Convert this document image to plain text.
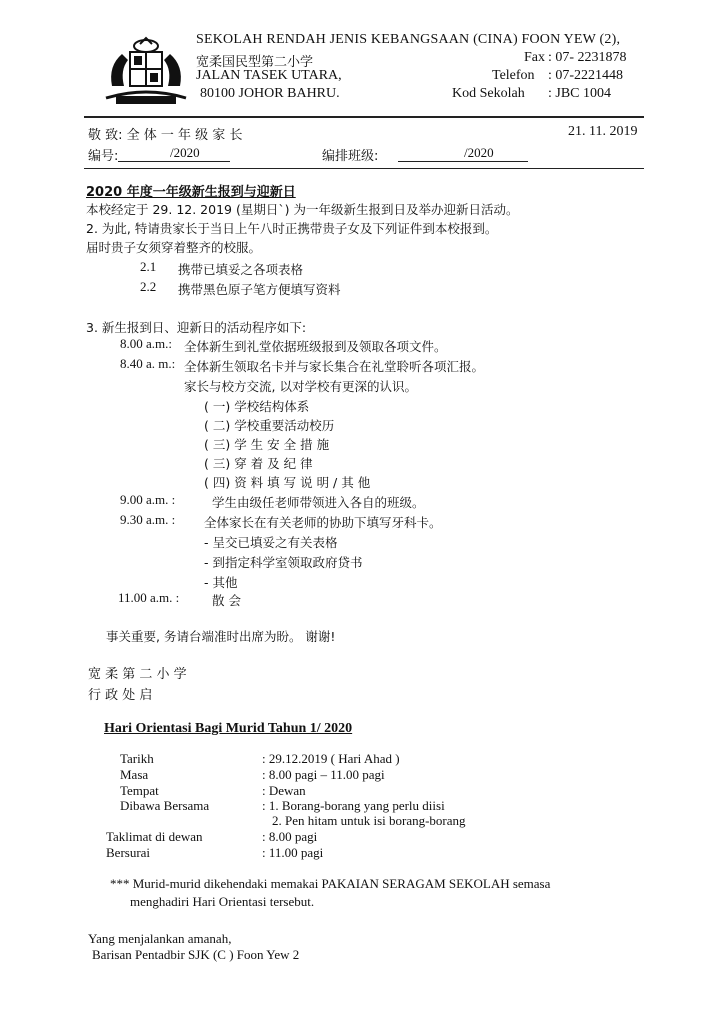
SEKOLAH RENDAH JENIS KEBANGSAAN (CINA) FOON YEW (2),
宽柔国民型第二小学
JALAN TASEK UTARA,
80100 JOHOR BAHRU.
Fax : 07- 2231878
Telefon : 07-2221448
Kod Sekolah : JBC 1004
敬 致: 全 体 一 年 级 家 长	21. 11. 2019
编号:	/2020	编排班级:	/2020
2020 年度一年级新生报到与迎新日
本校经定于 29. 12. 2019 (星期日`) 为一年级新生报到日及举办迎新日活动。
2. 为此, 特请贵家长于当日上午八时正携带贵子女及下列证件到本校报到。
届时贵子女须穿着整齐的校服。
2.1 携带已填妥之各项表格
2.2 携带黑色原子笔方便填写资料
3. 新生报到日、迎新日的活动程序如下:
8.00 a.m.: 全体新生到礼堂依据班级报到及领取各项文件。
8.40 a. m.: 全体新生领取名卡并与家长集合在礼堂聆听各项汇报。
家长与校方交流, 以对学校有更深的认识。
( 一) 学校结构体系
( 二) 学校重要活动校历
( 三) 学 生 安 全 措 施
( 三) 穿 着 及 纪 律
( 四) 资 料 填 写 说 明 / 其 他
9.00 a.m. :	学生由级任老师带领进入各自的班级。
9.30 a.m. : 全体家长在有关老师的协助下填写牙科卡。
- 呈交已填妥之有关表格
- 到指定科学室领取政府贷书
- 其他
11.00 a.m. :	散 会
事关重要, 务请台端准时出席为盼。 谢谢!
宽 柔 第 二 小 学
行 政 处 启
Hari Orientasi Bagi Murid Tahun 1/ 2020
Tarikh	: 29.12.2019 ( Hari Ahad )
Masa	: 8.00 pagi – 11.00 pagi
Tempat	: Dewan
Dibawa Bersama	: 1. Borang-borang yang perlu diisi
2. Pen hitam untuk isi borang-borang
Taklimat di dewan	: 8.00 pagi
Bersurai	: 11.00 pagi
*** Murid-murid dikehendaki memakai PAKAIAN SERAGAM SEKOLAH semasa
menghadiri Hari Orientasi tersebut.
Yang menjalankan amanah,
Barisan Pentadbir SJK (C ) Foon Yew 2
